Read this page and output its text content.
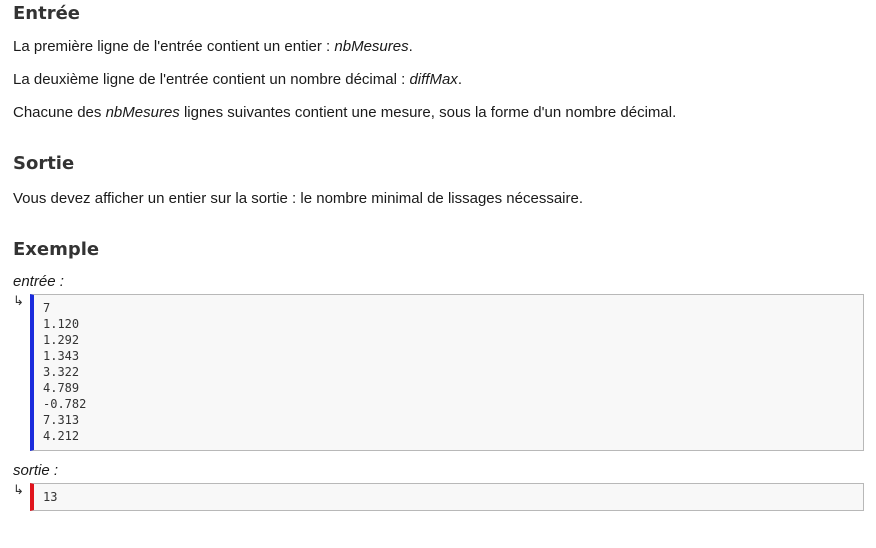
Entrée

La première ligne de l'entrée contient un entier : nbMesures.

La deuxième ligne de l'entrée contient un nombre décimal : diffMax.

Chacune des nbMesures lignes suivantes contient une mesure, sous la forme d'un nombre décimal.

Sortie

Vous devez afficher un entier sur la sortie : le nombre minimal de lissages nécessaire.

Exemple
entrée :
↳	7
1.120
1.292
1.343
3.322
4.789
-0.782
7.313
4.212
sortie :
↳	13
